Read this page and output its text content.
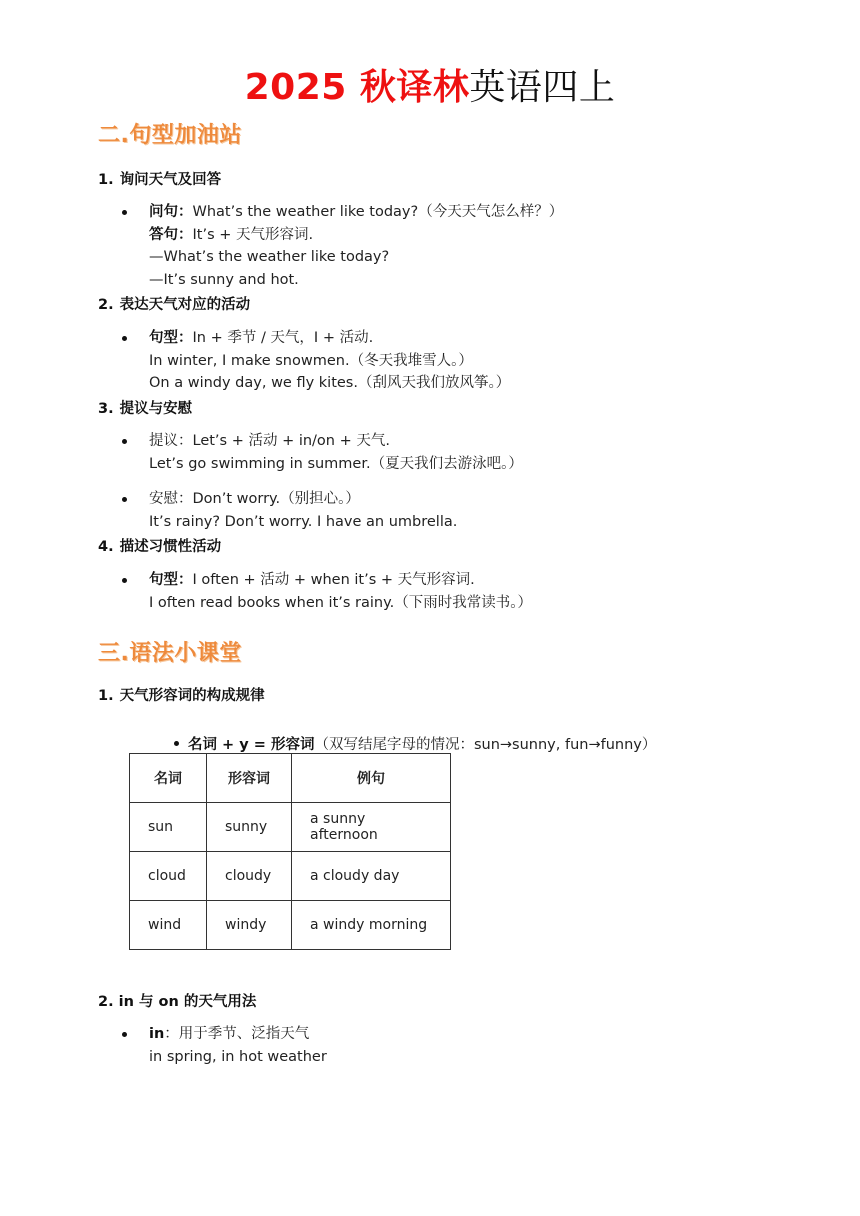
2025 秋译林英语四上
二.句型加油站
1. 询问天气及回答
问句：What’s the weather like today?（今天天气怎么样？）
答句：It’s + 天气形容词.
—What’s the weather like today?
—It’s sunny and hot.
2. 表达天气对应的活动
句型：In + 季节 / 天气，I + 活动.
In winter, I make snowmen.（冬天我堆雪人。）
On a windy day, we fly kites.（刮风天我们放风筝。）
3. 提议与安慰
提议：Let’s + 活动 + in/on + 天气.
Let’s go swimming in summer.（夏天我们去游泳吧。）
安慰：Don’t worry.（别担心。）
It’s rainy? Don’t worry. I have an umbrella.
4. 描述习惯性活动
句型：I often + 活动 + when it’s + 天气形容词.
I often read books when it’s rainy.（下雨时我常读书。）
三.语法小课堂
1. 天气形容词的构成规律
名词 + y = 形容词（双写结尾字母的情况：sun→sunny, fun→funny）
名词	形容词	例句
sun	sunny	a sunny afternoon
cloud	cloudy	a cloudy day
wind	windy	a windy morning
2. in 与 on 的天气用法
in：用于季节、泛指天气
in spring, in hot weather
